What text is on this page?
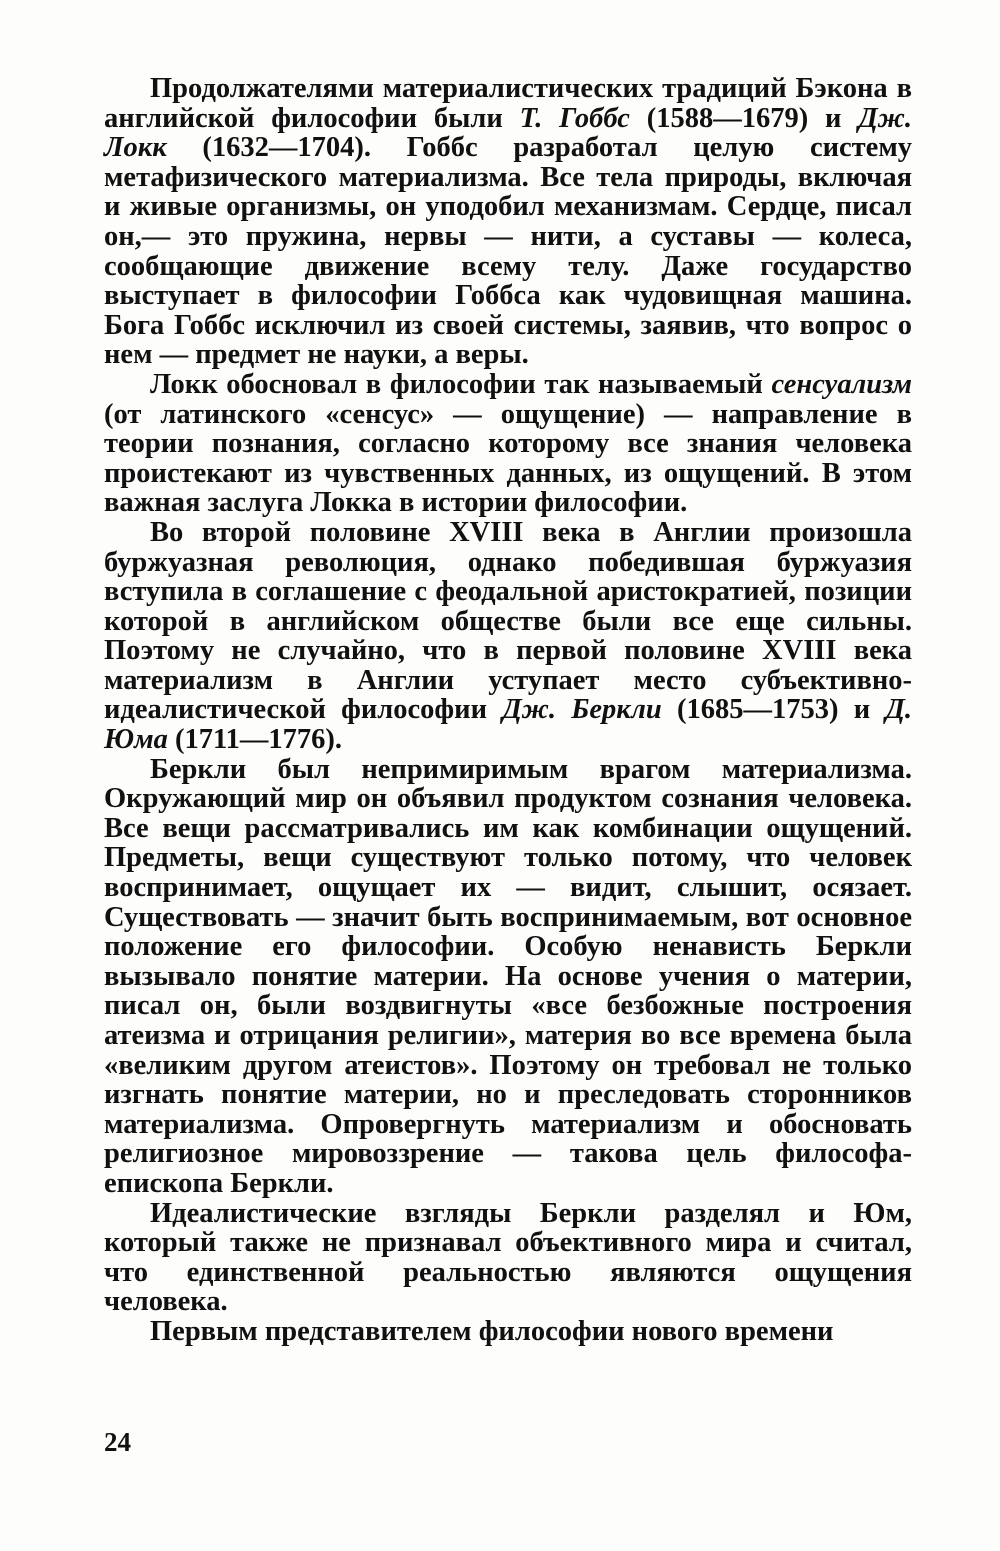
Продолжателями материалистических традиций Бэкона в английской философии были Т. Гоббс (1588—1679) и Дж. Локк (1632—1704). Гоббс разработал целую систему метафизического материализма. Все тела природы, включая и живые организмы, он уподобил механизмам. Сердце, писал он,— это пружина, нервы — нити, а суставы — колеса, сообщающие движение всему телу. Даже государство выступает в философии Гоббса как чудовищная машина. Бога Гоббс исключил из своей системы, заявив, что вопрос о нем — предмет не науки, а веры.

Локк обосновал в философии так называемый сенсуализм (от латинского «сенсус» — ощущение) — направление в теории познания, согласно которому все знания человека проистекают из чувственных данных, из ощущений. В этом важная заслуга Локка в истории философии.

Во второй половине XVIII века в Англии произошла буржуазная революция, однако победившая буржуазия вступила в соглашение с феодальной аристократией, позиции которой в английском обществе были все еще сильны. Поэтому не случайно, что в первой половине XVIII века материализм в Англии уступает место субъективно-идеалистической философии Дж. Беркли (1685—1753) и Д. Юма (1711—1776).

Беркли был непримиримым врагом материализма. Окружающий мир он объявил продуктом сознания человека. Все вещи рассматривались им как комбинации ощущений. Предметы, вещи существуют только потому, что человек воспринимает, ощущает их — видит, слышит, осязает. Существовать — значит быть воспринимаемым, вот основное положение его философии. Особую ненависть Беркли вызывало понятие материи. На основе учения о материи, писал он, были воздвигнуты «все безбожные построения атеизма и отрицания религии», материя во все времена была «великим другом атеистов». Поэтому он требовал не только изгнать понятие материи, но и преследовать сторонников материализма. Опровергнуть материализм и обосновать религиозное мировоззрение — такова цель философа-епископа Беркли.

Идеалистические взгляды Беркли разделял и Юм, который также не признавал объективного мира и считал, что единственной реальностью являются ощущения человека.

Первым представителем философии нового времени

24
